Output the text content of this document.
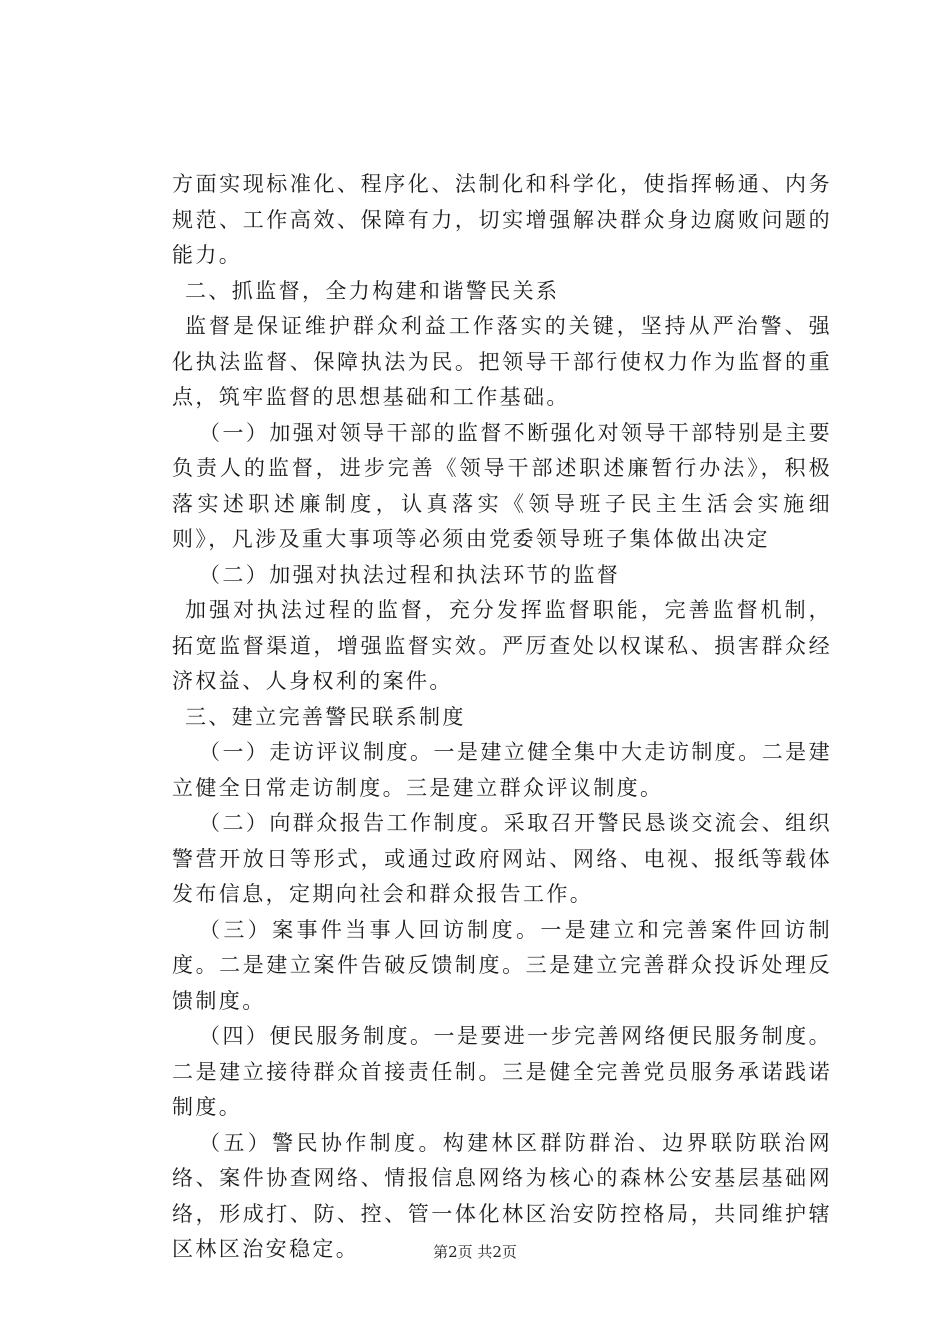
方面实现标准化、程序化、法制化和科学化，使指挥畅通、内务规范、工作高效、保障有力，切实增强解决群众身边腐败问题的能力。

二、抓监督，全力构建和谐警民关系

监督是保证维护群众利益工作落实的关键，坚持从严治警、强化执法监督、保障执法为民。把领导干部行使权力作为监督的重点，筑牢监督的思想基础和工作基础。

（一）加强对领导干部的监督不断强化对领导干部特别是主要负责人的监督，进步完善《领导干部述职述廉暂行办法》，积极落实述职述廉制度，认真落实《领导班子民主生活会实施细则》，凡涉及重大事项等必须由党委领导班子集体做出决定

（二）加强对执法过程和执法环节的监督

加强对执法过程的监督，充分发挥监督职能，完善监督机制，拓宽监督渠道，增强监督实效。严厉查处以权谋私、损害群众经济权益、人身权利的案件。

三、建立完善警民联系制度

（一）走访评议制度。一是建立健全集中大走访制度。二是建立健全日常走访制度。三是建立群众评议制度。

（二）向群众报告工作制度。采取召开警民恳谈交流会、组织警营开放日等形式，或通过政府网站、网络、电视、报纸等载体发布信息，定期向社会和群众报告工作。

（三）案事件当事人回访制度。一是建立和完善案件回访制度。二是建立案件告破反馈制度。三是建立完善群众投诉处理反馈制度。

（四）便民服务制度。一是要进一步完善网络便民服务制度。二是建立接待群众首接责任制。三是健全完善党员服务承诺践诺制度。

（五）警民协作制度。构建林区群防群治、边界联防联治网络、案件协查网络、情报信息网络为核心的森林公安基层基础网络，形成打、防、控、管一体化林区治安防控格局，共同维护辖区林区治安稳定。	第2页 共2页
